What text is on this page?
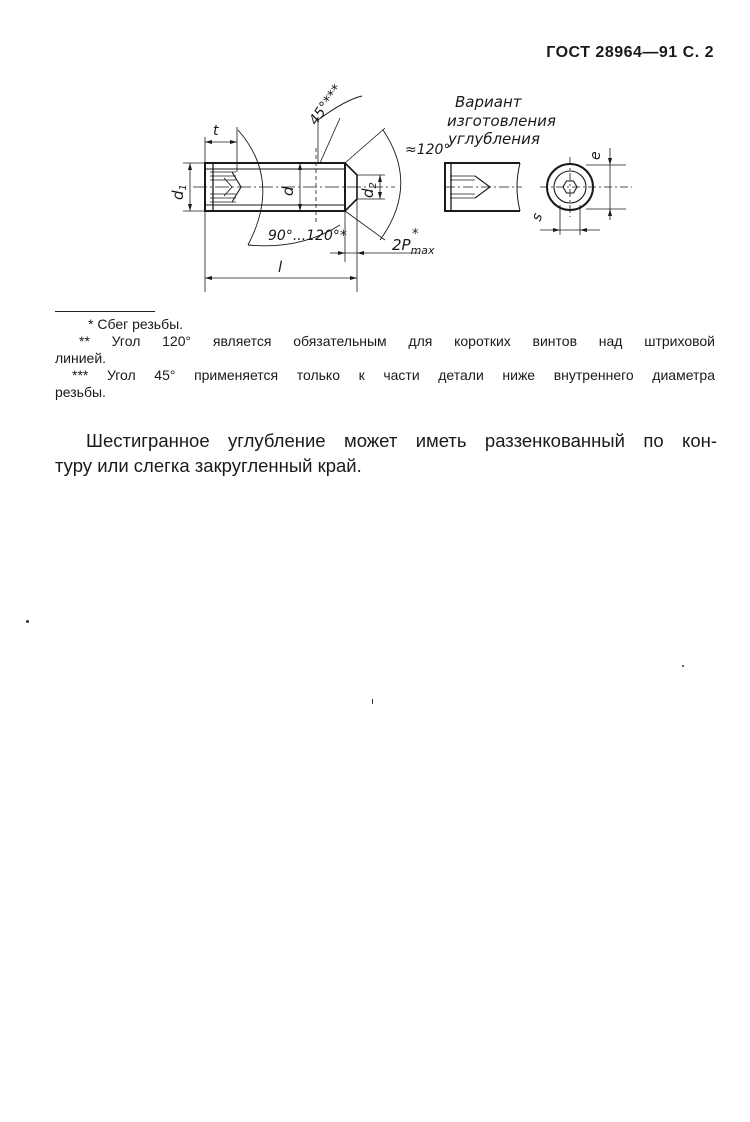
ГОСТ 28964—91 С. 2
Вариант
изготовления
углубления
t
45°***
≈120°
$d_1$	d	$d_2$
90°...120°*	$2P_{max}$
*
l
e
s

* Сбег резьбы.

** Угол 120° является обязательным для коротких винтов над штриховой

линией.

*** Угол 45° применяется только к части детали ниже внутреннего диаметра

резьбы.

Шестигранное углубление может иметь раззенкованный по кон-
туру или слегка закругленный край.
